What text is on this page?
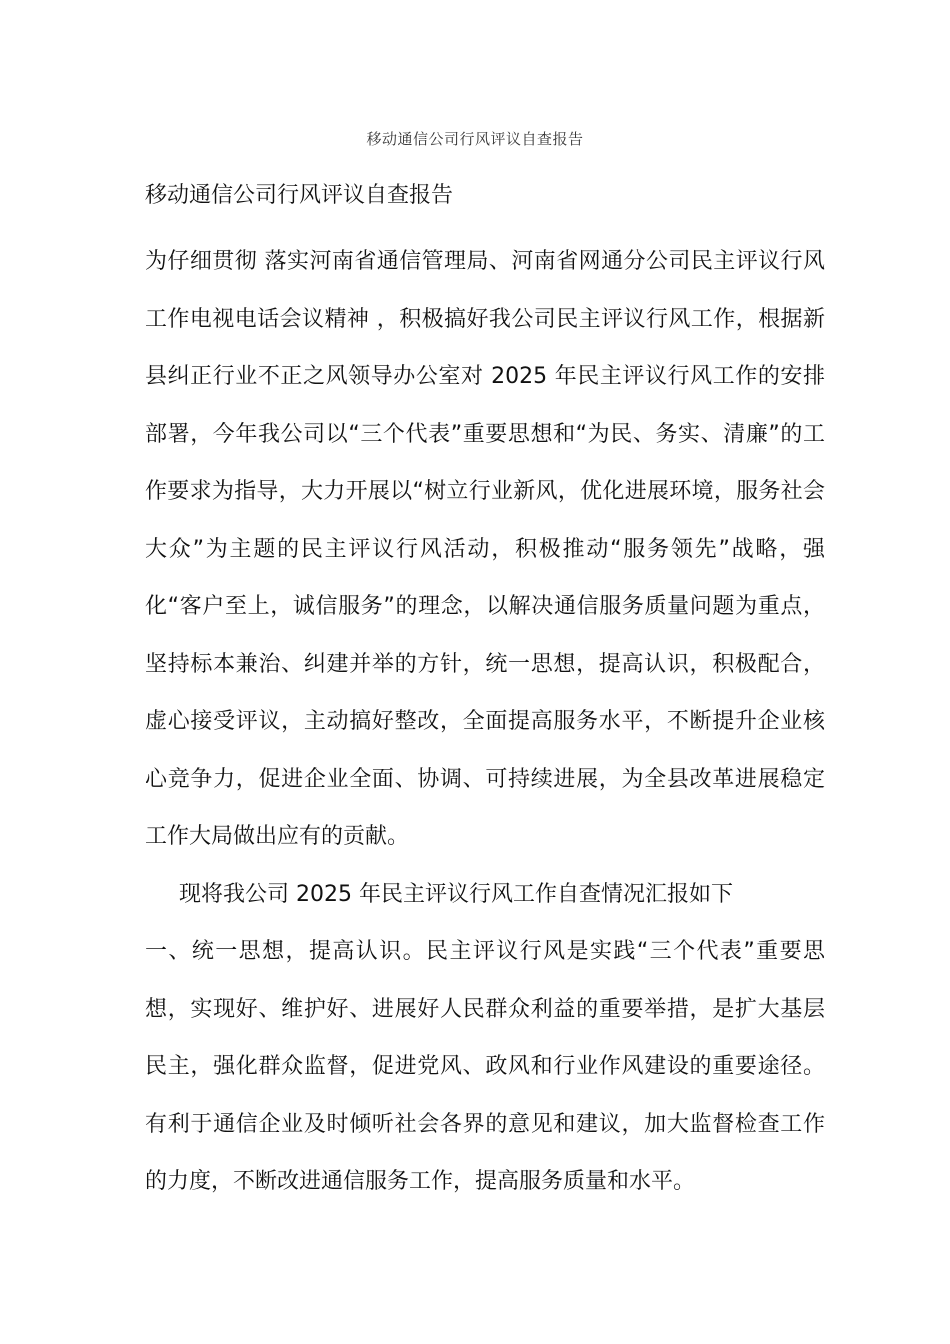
移动通信公司行风评议自查报告
移动通信公司行风评议自查报告

为仔细贯彻 落实河南省通信管理局、河南省网通分公司民主评议行风工作电视电话会议精神 ，积极搞好我公司民主评议行风工作，根据新县纠正行业不正之风领导办公室对 2025 年民主评议行风工作的安排部署，今年我公司以“三个代表”重要思想和“为民、务实、清廉”的工作要求为指导，大力开展以“树立行业新风，优化进展环境，服务社会大众”为主题的民主评议行风活动，积极推动“服务领先”战略，强化“客户至上，诚信服务”的理念，以解决通信服务质量问题为重点，坚持标本兼治、纠建并举的方针，统一思想，提高认识，积极配合，虚心接受评议，主动搞好整改，全面提高服务水平，不断提升企业核心竞争力，促进企业全面、协调、可持续进展，为全县改革进展稳定工作大局做出应有的贡献。

现将我公司 2025 年民主评议行风工作自查情况汇报如下

一、统一思想，提高认识。民主评议行风是实践“三个代表”重要思想，实现好、维护好、进展好人民群众利益的重要举措，是扩大基层民主，强化群众监督，促进党风、政风和行业作风建设的重要途径。有利于通信企业及时倾听社会各界的意见和建议，加大监督检查工作的力度，不断改进通信服务工作，提高服务质量和水平。
